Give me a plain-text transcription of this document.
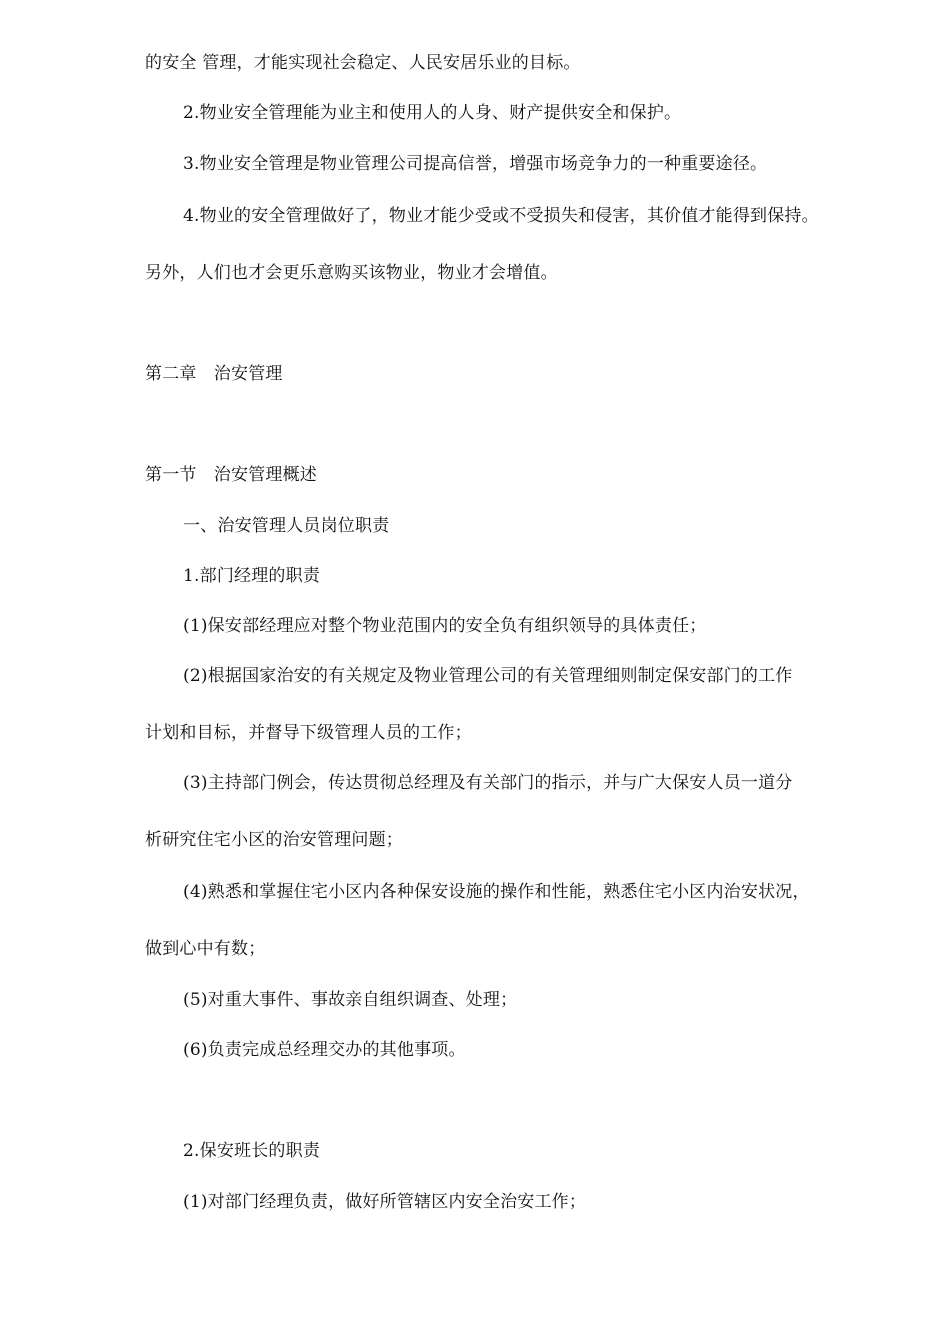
的安全 管理，才能实现社会稳定、人民安居乐业的目标。
2.物业安全管理能为业主和使用人的人身、财产提供安全和保护。
3.物业安全管理是物业管理公司提高信誉，增强市场竞争力的一种重要途径。
4.物业的安全管理做好了，物业才能少受或不受损失和侵害，其价值才能得到保持。
另外，人们也才会更乐意购买该物业，物业才会增值。
第二章　治安管理
第一节　治安管理概述
一、治安管理人员岗位职责
1.部门经理的职责
(1)保安部经理应对整个物业范围内的安全负有组织领导的具体责任；
(2)根据国家治安的有关规定及物业管理公司的有关管理细则制定保安部门的工作
计划和目标，并督导下级管理人员的工作；
(3)主持部门例会，传达贯彻总经理及有关部门的指示，并与广大保安人员一道分
析研究住宅小区的治安管理问题；
(4)熟悉和掌握住宅小区内各种保安设施的操作和性能，熟悉住宅小区内治安状况，
做到心中有数；
(5)对重大事件、事故亲自组织调查、处理；
(6)负责完成总经理交办的其他事项。
2.保安班长的职责
(1)对部门经理负责，做好所管辖区内安全治安工作；
